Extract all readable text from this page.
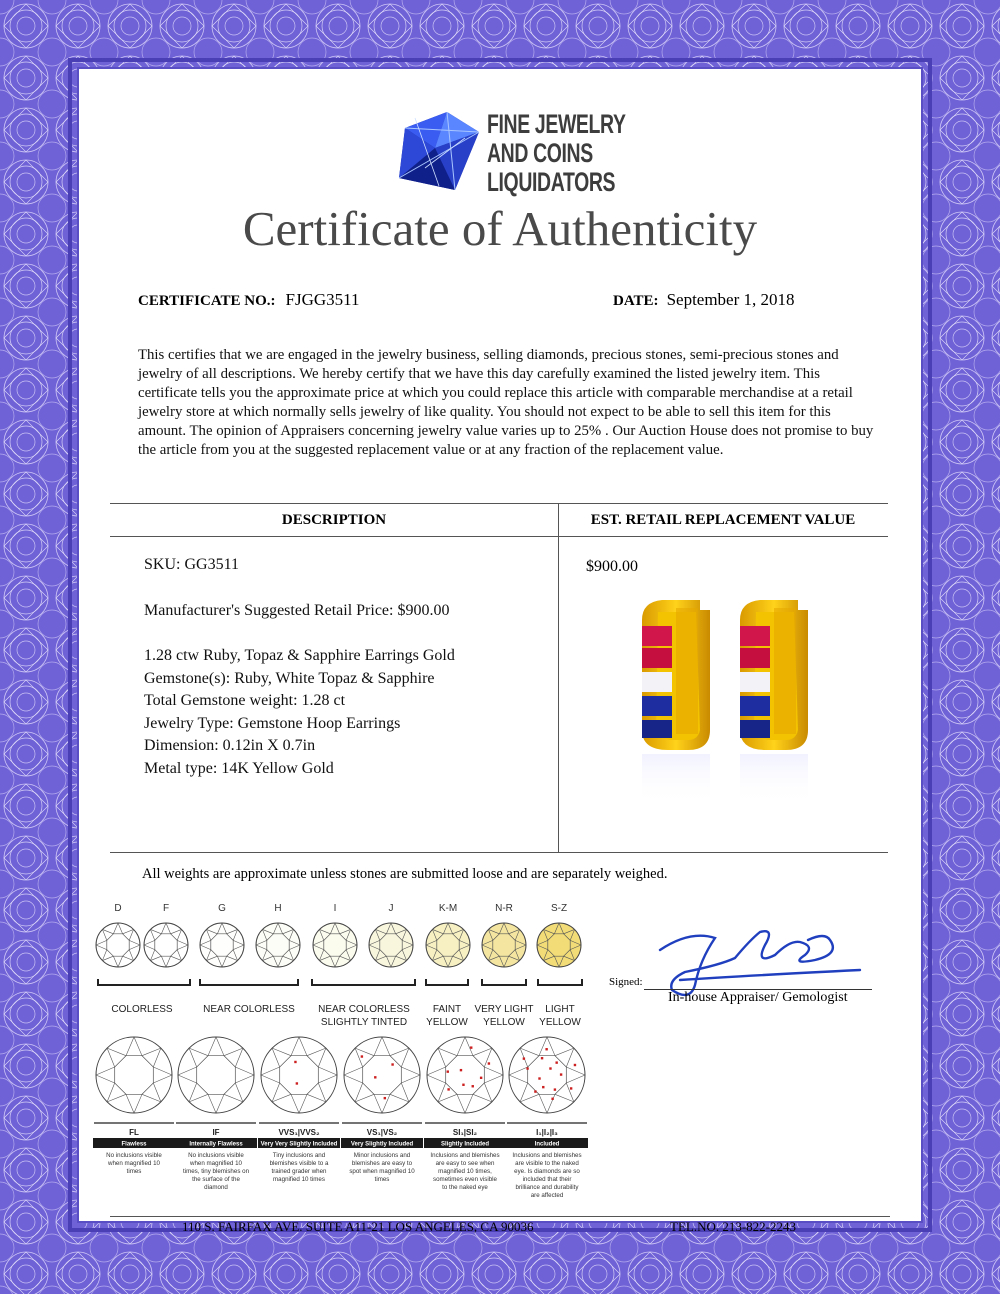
FINE JEWELRY
AND COINS
LIQUIDATORS
Certificate of Authenticity
CERTIFICATE NO.: FJGG3511	DATE: September 1, 2018
This certifies that we are engaged in the jewelry business, selling diamonds, precious stones, semi-precious stones and jewelry of all descriptions. We hereby certify that we have this day carefully examined the listed jewelry item. This certificate tells you the approximate price at which you could replace this article with comparable merchandise at a retail jewelry store at which normally sells jewelry of like quality. You should not expect to be able to sell this item for this amount. The opinion of Appraisers concerning jewelry value varies up to 25% . Our Auction House does not promise to buy the article from you at the suggested replacement value or at any fraction of the replacement value.
DESCRIPTION	EST. RETAIL REPLACEMENT VALUE

SKU: GG3511

Manufacturer's Suggested Retail Price: $900.00

1.28 ctw Ruby, Topaz & Sapphire Earrings Gold

Gemstone(s): Ruby, White Topaz & Sapphire

Total Gemstone weight: 1.28 ct

Jewelry Type: Gemstone Hoop Earrings

Dimension: 0.12in X 0.7in

Metal type: 14K Yellow Gold

$900.00
All weights are approximate unless stones are submitted loose and are separately weighed.
D	F	G	H	I	J	K-M	N-R	S-Z
COLORLESS	NEAR COLORLESS NEAR COLORLESS
SLIGHTLY TINTED
FAINT
YELLOW
VERY LIGHT
YELLOW
LIGHT
YELLOW
FL
Flawless
No inclusions visible
when magnified 10
times
IF
Internally Flawless
No inclusions visible
when magnified 10
times, tiny blemishes on
the surface of the
diamond
VVS₁|VVS₂
Very Very Slightly Included
Tiny inclusions and
blemishes visible to a
trained grader when
magnified 10 times
VS₁|VS₂
Very Slightly Included
Minor inclusions and
blemishes are easy to
spot when magnified 10
times
SI₁|SI₂
Slightly Included
Inclusions and blemishes
are easy to see when
magnified 10 times,
sometimes even visible
to the naked eye
I₁|I₂|I₃
Included
Inclusions and blemishes
are visible to the naked
eye. Is diamonds are so
included that their
brilliance and durability
are affected
Signed:
In-house Appraiser/ Gemologist
110 S. FAIRFAX AVE. SUITE A11-21 LOS ANGELES, CA 90036	TEL.NO. 213-822-2243
